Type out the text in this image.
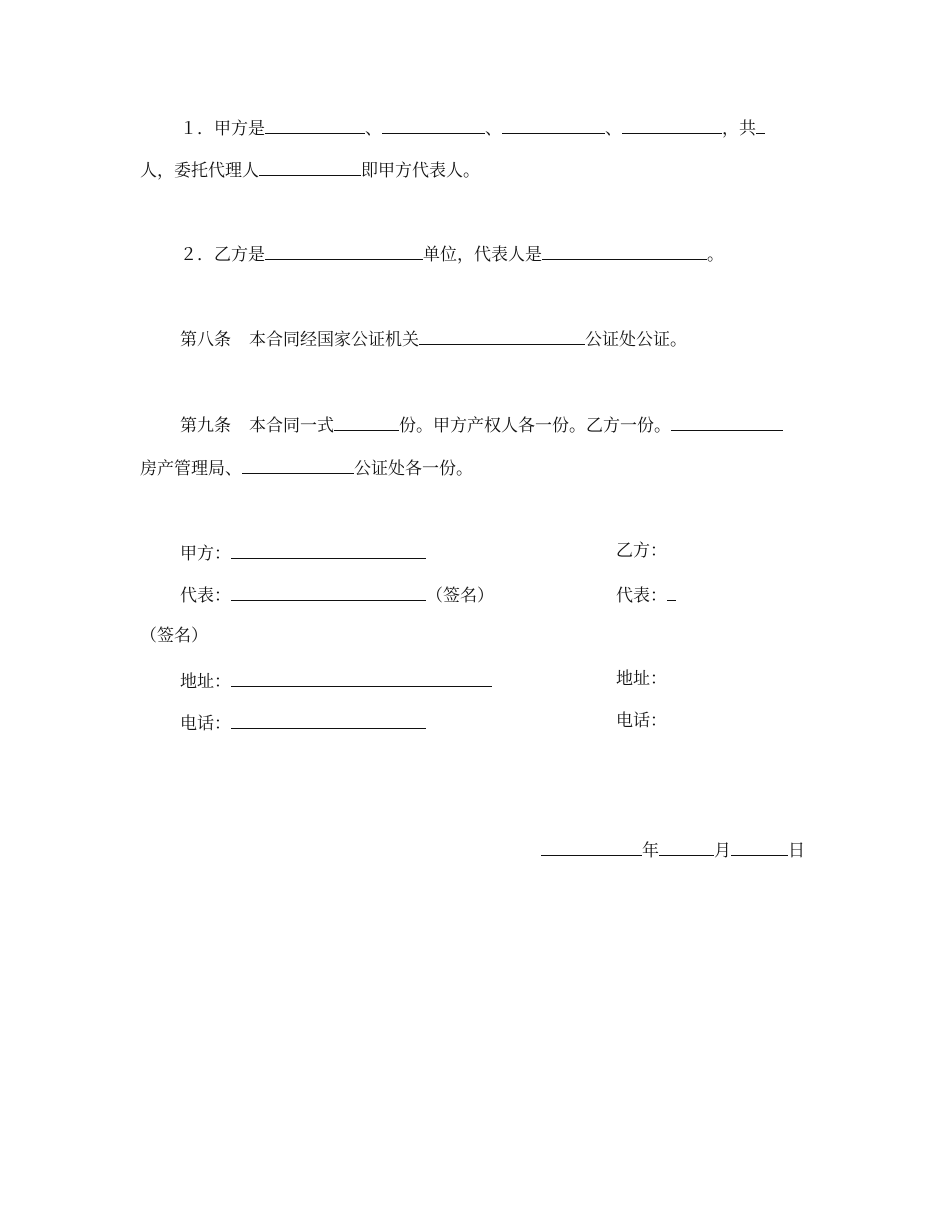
１．甲方是	、	、	、	，共
人，委托代理人	即甲方代表人。
２．乙方是	单位，代表人是	。
第八条 本合同经国家公证机关	公证处公证。
第九条 本合同一式	份。甲方产权人各一份。乙方一份。
房产管理局、	公证处各一份。
甲方：	乙方：
代表：	（签名）	代表：
（签名）
地址：	地址：
电话：	电话：
年	月	日
